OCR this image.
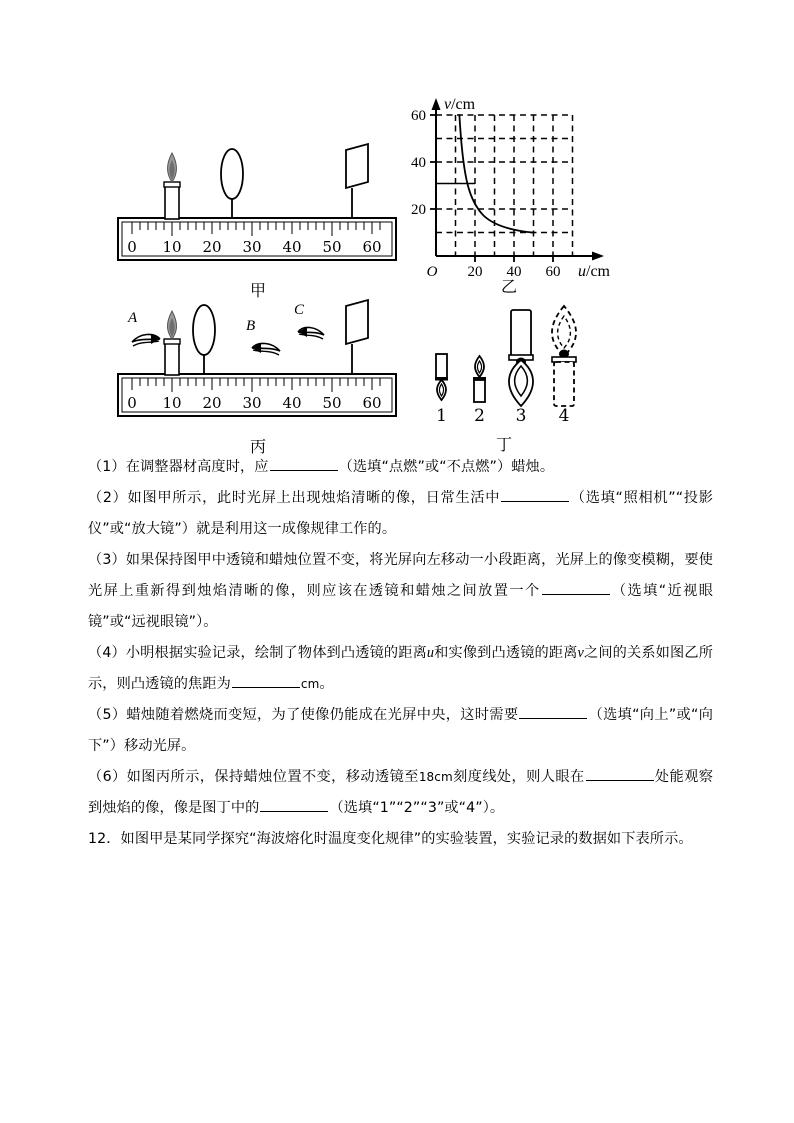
0 10 20 30 40 50 60
甲
20
40
60
20 40 60
O
v/cm
u/cm
乙
0 10 20 30 40 50 60
A	B
C
丙
1 2 3 4
丁

（1）在调整器材高度时，应	（选填“点燃”或“不点燃”）蜡烛。

（2）如图甲所示，此时光屏上出现烛焰清晰的像，日常生活中	（选填“照相机”“投影仪”或“放大镜”）就是利用这一成像规律工作的。

（3）如果保持图甲中透镜和蜡烛位置不变，将光屏向左移动一小段距离，光屏上的像变模糊，要使光屏上重新得到烛焰清晰的像，则应该在透镜和蜡烛之间放置一个	（选填“近视眼镜”或“远视眼镜”）。

（4）小明根据实验记录，绘制了物体到凸透镜的距离u和实像到凸透镜的距离v之间的关系如图乙所示，则凸透镜的焦距为	cm。

（5）蜡烛随着燃烧而变短，为了使像仍能成在光屏中央，这时需要	（选填“向上”或“向下”）移动光屏。

（6）如图丙所示，保持蜡烛位置不变，移动透镜至18cm刻度线处，则人眼在	处能观察到烛焰的像，像是图丁中的	（选填“1”“2”“3”或“4”）。

12．如图甲是某同学探究“海波熔化时温度变化规律”的实验装置，实验记录的数据如下表所示。
